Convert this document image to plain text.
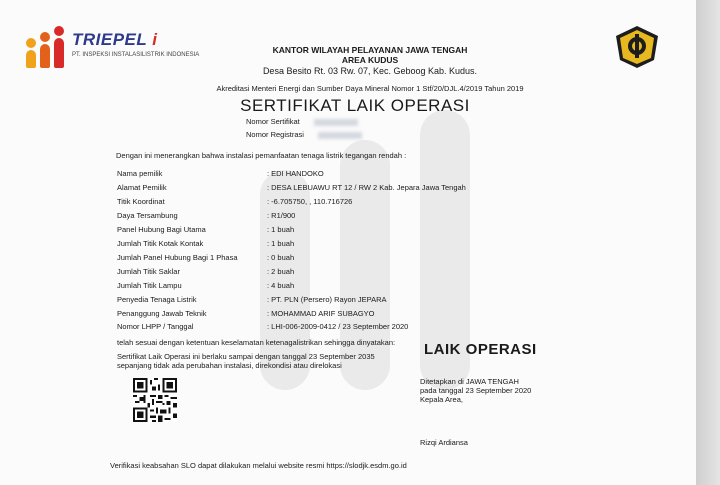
TRIEPEL i
PT. INSPEKSI INSTALASILISTRIK INDONESIA	KANTOR WILAYAH PELAYANAN JAWA TENGAH
AREA KUDUS
Desa Besito Rt. 03 Rw. 07, Kec. Geboog Kab. Kudus.
Akreditasi Menteri Energi dan Sumber Daya Mineral Nomor 1 Stf/20/DJL.4/2019 Tahun 2019
SERTIFIKAT LAIK OPERASI
Nomor Sertifikat
Nomor Registrasi
Dengan ini menerangkan bahwa instalasi pemanfaatan tenaga listrik tegangan rendah :
Nama pemilik	: EDI HANDOKO
Alamat Pemilik	: DESA LEBUAWU RT 12 / RW 2 Kab. Jepara Jawa Tengah
Titik Koordinat	: -6.705750, , 110.716726
Daya Tersambung	: R1/900
Panel Hubung Bagi Utama	: 1 buah
Jumlah Titik Kotak Kontak	: 1 buah
Jumlah Panel Hubung Bagi 1 Phasa	: 0 buah
Jumlah Titik Saklar	: 2 buah
Jumlah Titik Lampu	: 4 buah
Penyedia Tenaga Listrik	: PT. PLN (Persero) Rayon JEPARA
Penanggung Jawab Teknik	: MOHAMMAD ARIF SUBAGYO
Nomor LHPP / Tanggal	: LHI-006-2009-0412 / 23 September 2020
telah sesuai dengan ketentuan keselamatan ketenagalistrikan sehingga dinyatakan: LAIK OPERASI
Sertifikat Laik Operasi ini berlaku sampai dengan tanggal 23 September 2035
sepanjang tidak ada perubahan instalasi, direkondisi atau direlokasi
Ditetapkan di JAWA TENGAH
pada tanggal 23 September 2020
Kepala Area,
Rizqi Ardiansa
Verifikasi keabsahan SLO dapat dilakukan melalui website resmi https://slodjk.esdm.go.id
